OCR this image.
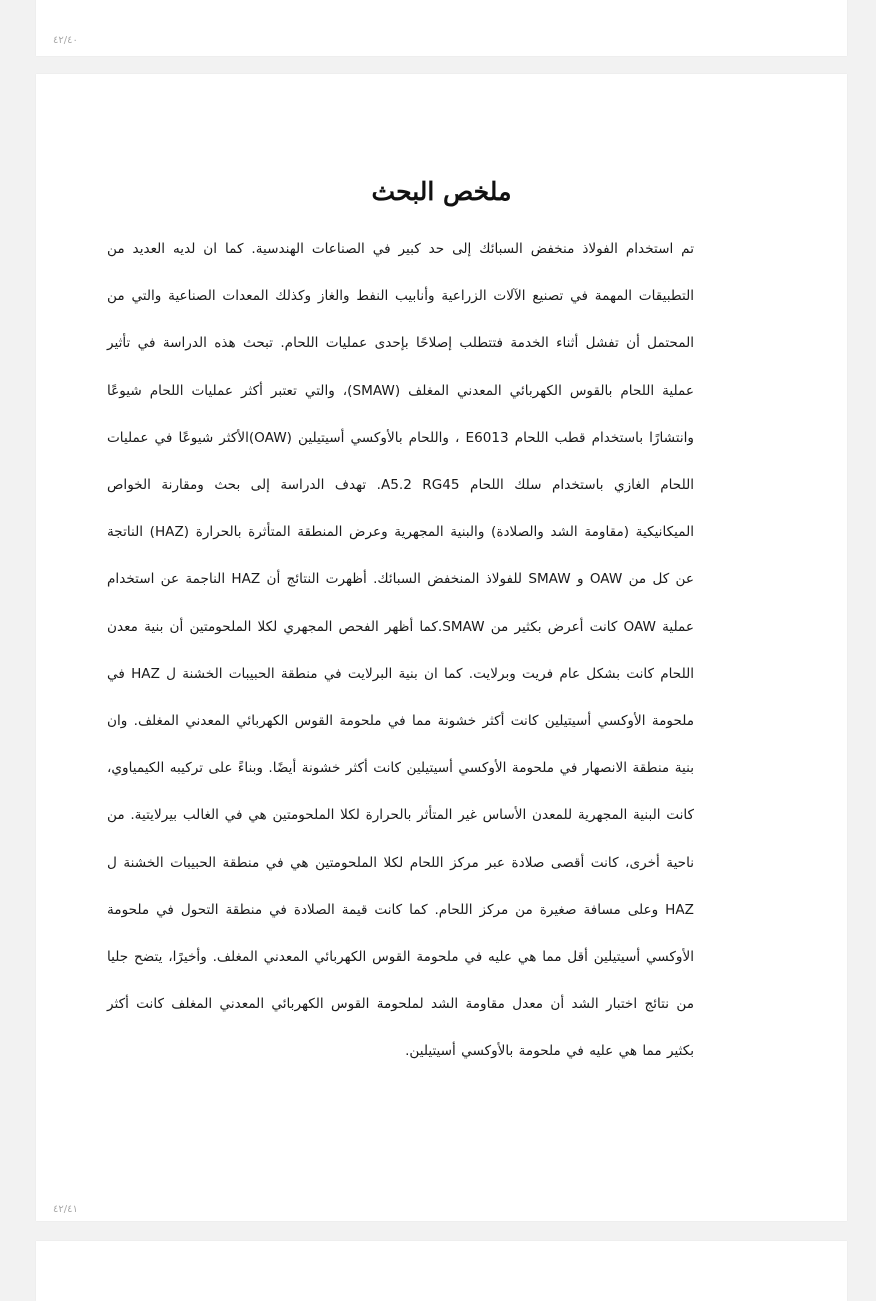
٤٢/٤٠
ملخص البحث

تم استخدام الفولاذ منخفض السبائك إلى حد كبير في الصناعات الهندسية. كما ان لديه العديد من التطبيقات المهمة في تصنيع الآلات الزراعية وأنابيب النفط والغاز وكذلك المعدات الصناعية والتي من المحتمل أن تفشل أثناء الخدمة فتتطلب إصلاحًا بإحدى عمليات اللحام. تبحث هذه الدراسة في تأثير عملية اللحام بالقوس الكهربائي المعدني المغلف (SMAW)، والتي تعتبر أكثر عمليات اللحام شيوعًا وانتشارًا باستخدام قطب اللحام E6013 ، واللحام بالأوكسي أسيتيلين (OAW)الأكثر شيوعًا في عمليات اللحام الغازي باستخدام سلك اللحام A5.2 RG45. تهدف الدراسة إلى بحث ومقارنة الخواص الميكانيكية (مقاومة الشد والصلادة) والبنية المجهرية وعرض المنطقة المتأثرة بالحرارة (HAZ) الناتجة عن كل من OAW و SMAW للفولاذ المنخفض السبائك. أظهرت النتائج أن HAZ الناجمة عن استخدام عملية OAW كانت أعرض بكثير من SMAW.كما أظهر الفحص المجهري لكلا الملحومتين أن بنية معدن اللحام كانت بشكل عام فريت وبرلايت. كما ان بنية البرلايت في منطقة الحبيبات الخشنة ل HAZ في ملحومة الأوكسي أسيتيلين كانت أكثر خشونة مما في ملحومة القوس الكهربائي المعدني المغلف. وان بنية منطقة الانصهار في ملحومة الأوكسي أسيتيلين كانت أكثر خشونة أيضًا. وبناءً على تركيبه الكيمياوي، كانت البنية المجهرية للمعدن الأساس غير المتأثر بالحرارة لكلا الملحومتين هي في الغالب بيرلايتية. من ناحية أخرى، كانت أقصى صلادة عبر مركز اللحام لكلا الملحومتين هي في منطقة الحبيبات الخشنة ل HAZ وعلى مسافة صغيرة من مركز اللحام. كما كانت قيمة الصلادة في منطقة التحول في ملحومة الأوكسي أسيتيلين أقل مما هي عليه في ملحومة القوس الكهربائي المعدني المغلف. وأخيرًا، يتضح جليا من نتائج اختبار الشد أن معدل مقاومة الشد لملحومة القوس الكهربائي المعدني المغلف كانت أكثر بكثير مما هي عليه في ملحومة بالأوكسي أسيتيلين.

٤٢/٤١
